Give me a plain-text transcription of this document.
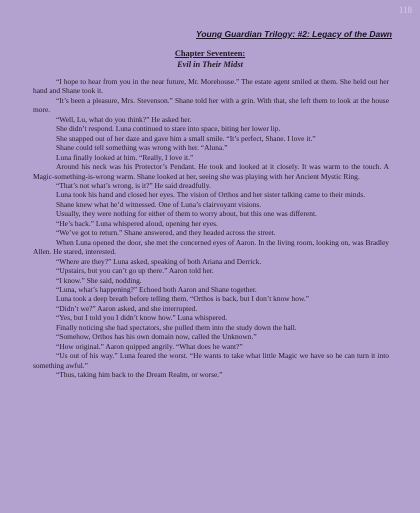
118
Young Guardian Trilogy: #2: Legacy of the Dawn
Chapter Seventeen:
Evil in Their Midst

“I hope to hear from you in the near future, Mr. Morehouse.” The estate agent smiled at them. She held out her hand and Shane took it.

“It’s been a pleasure, Mrs. Stevenson.” Shane told her with a grin. With that, she left them to look at the house more.

“Well, Lu, what do you think?” He asked her.

She didn’t respond. Luna continued to stare into space, biting her lower lip.

She snapped out of her daze and gave him a small smile. “It’s perfect, Shane. I love it.”

Shane could tell something was wrong with her. “Aluna.”

Luna finally looked at him. “Really, I love it.”

Around his neck was his Protector’s Pendant. He took and looked at it closely. It was warm to the touch. A Magic-something-is-wrong warm. Shane looked at her, seeing she was playing with her Ancient Mystic Ring.

“That’s not what’s wrong, is it?” He said dreadfully.

Luna took his hand and closed her eyes. The vision of Orthos and her sister talking came to their minds.

Shane knew what he’d witnessed. One of Luna’s clairvoyant visions.

Usually, they were nothing for either of them to worry about, but this one was different.

“He’s back.” Luna whispered aloud, opening her eyes.

“We’ve got to return.” Shane answered, and they headed across the street.

When Luna opened the door, she met the concerned eyes of Aaron. In the living room, looking on, was Bradley Allen. He stared, interested.

“Where are they?” Luna asked, speaking of both Ariana and Derrick.

“Upstairs, but you can’t go up there.” Aaron told her.

“I know.” She said, nodding.

“Luna, what’s happening?” Echoed both Aaron and Shane together.

Luna took a deep breath before telling them. “Orthos is back, but I don’t know how.”

“Didn’t we?” Aaron asked, and she interrupted.

“Yes, but I told you I didn’t know how.” Luna whispered.

Finally noticing she had spectators, she pulled them into the study down the hall.

“Somehow, Orthos has his own domain now, called the Unknown.”

“How original.” Aaron quipped angrily. “What does he want?”

“Us out of his way.” Luna feared the worst. “He wants to take what little Magic we have so he can turn it into something awful.”

“Thus, taking him back to the Dream Realm, or worse.”
